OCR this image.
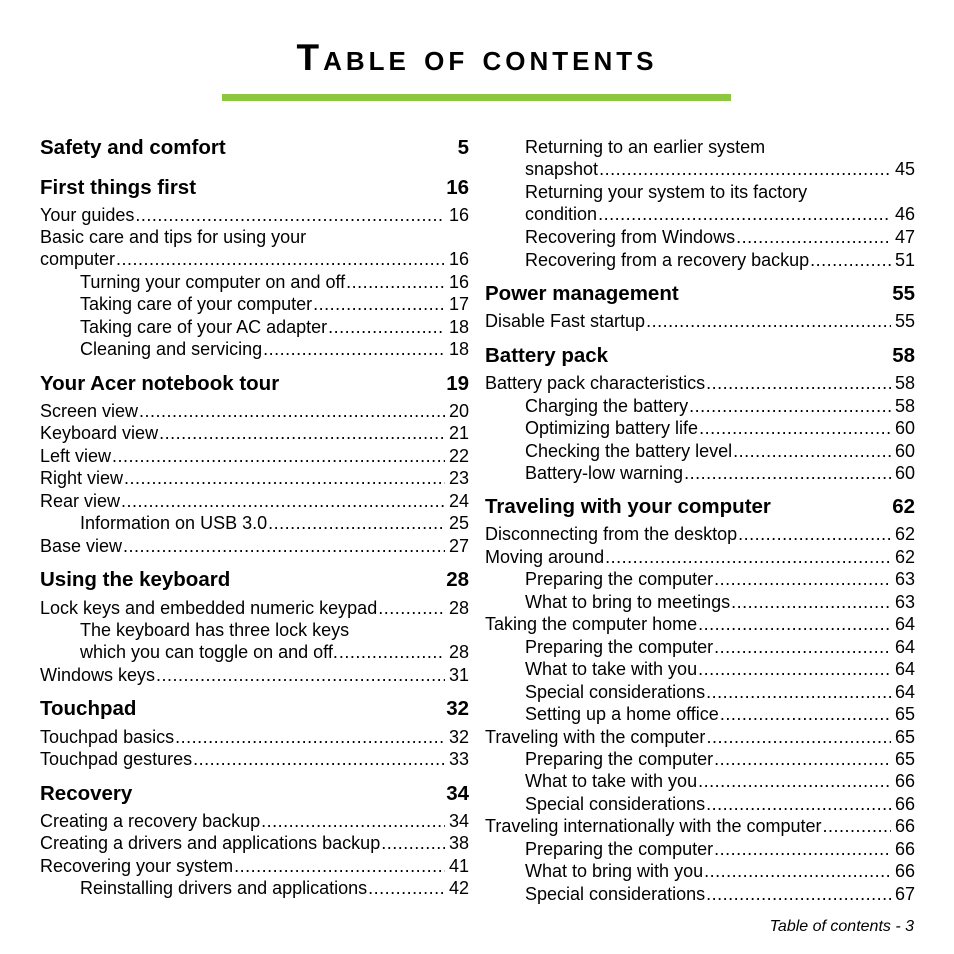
Table of contents
Safety and comfort	5
First things first	16
Your guides .....	16
Basic care and tips for using your
computer .....	16
Turning your computer on and off .....	16
Taking care of your computer .....	17
Taking care of your AC adapter .....	18
Cleaning and servicing .....	18
Your Acer notebook tour	19
Screen view .....	20
Keyboard view .....	21
Left view .....	22
Right view .....	23
Rear view .....	24
Information on USB 3.0 .....	25
Base view .....	27
Using the keyboard	28
Lock keys and embedded numeric keypad .....	28
The keyboard has three lock keys
which you can toggle on and off. .....	28
Windows keys .....	31
Touchpad	32
Touchpad basics .....	32
Touchpad gestures .....	33
Recovery	34
Creating a recovery backup .....	34
Creating a drivers and applications backup .....	38
Recovering your system .....	41
Reinstalling drivers and applications .....	42
Returning to an earlier system
snapshot .....	45
Returning your system to its factory
condition .....	46
Recovering from Windows .....	47
Recovering from a recovery backup .....	51
Power management	55
Disable Fast startup .....	55
Battery pack	58
Battery pack characteristics .....	58
Charging the battery .....	58
Optimizing battery life .....	60
Checking the battery level .....	60
Battery-low warning .....	60
Traveling with your computer	62
Disconnecting from the desktop .....	62
Moving around .....	62
Preparing the computer .....	63
What to bring to meetings .....	63
Taking the computer home .....	64
Preparing the computer .....	64
What to take with you .....	64
Special considerations .....	64
Setting up a home office .....	65
Traveling with the computer .....	65
Preparing the computer .....	65
What to take with you .....	66
Special considerations .....	66
Traveling internationally with the computer .....	66
Preparing the computer .....	66
What to bring with you .....	66
Special considerations .....	67
Table of contents - 3
